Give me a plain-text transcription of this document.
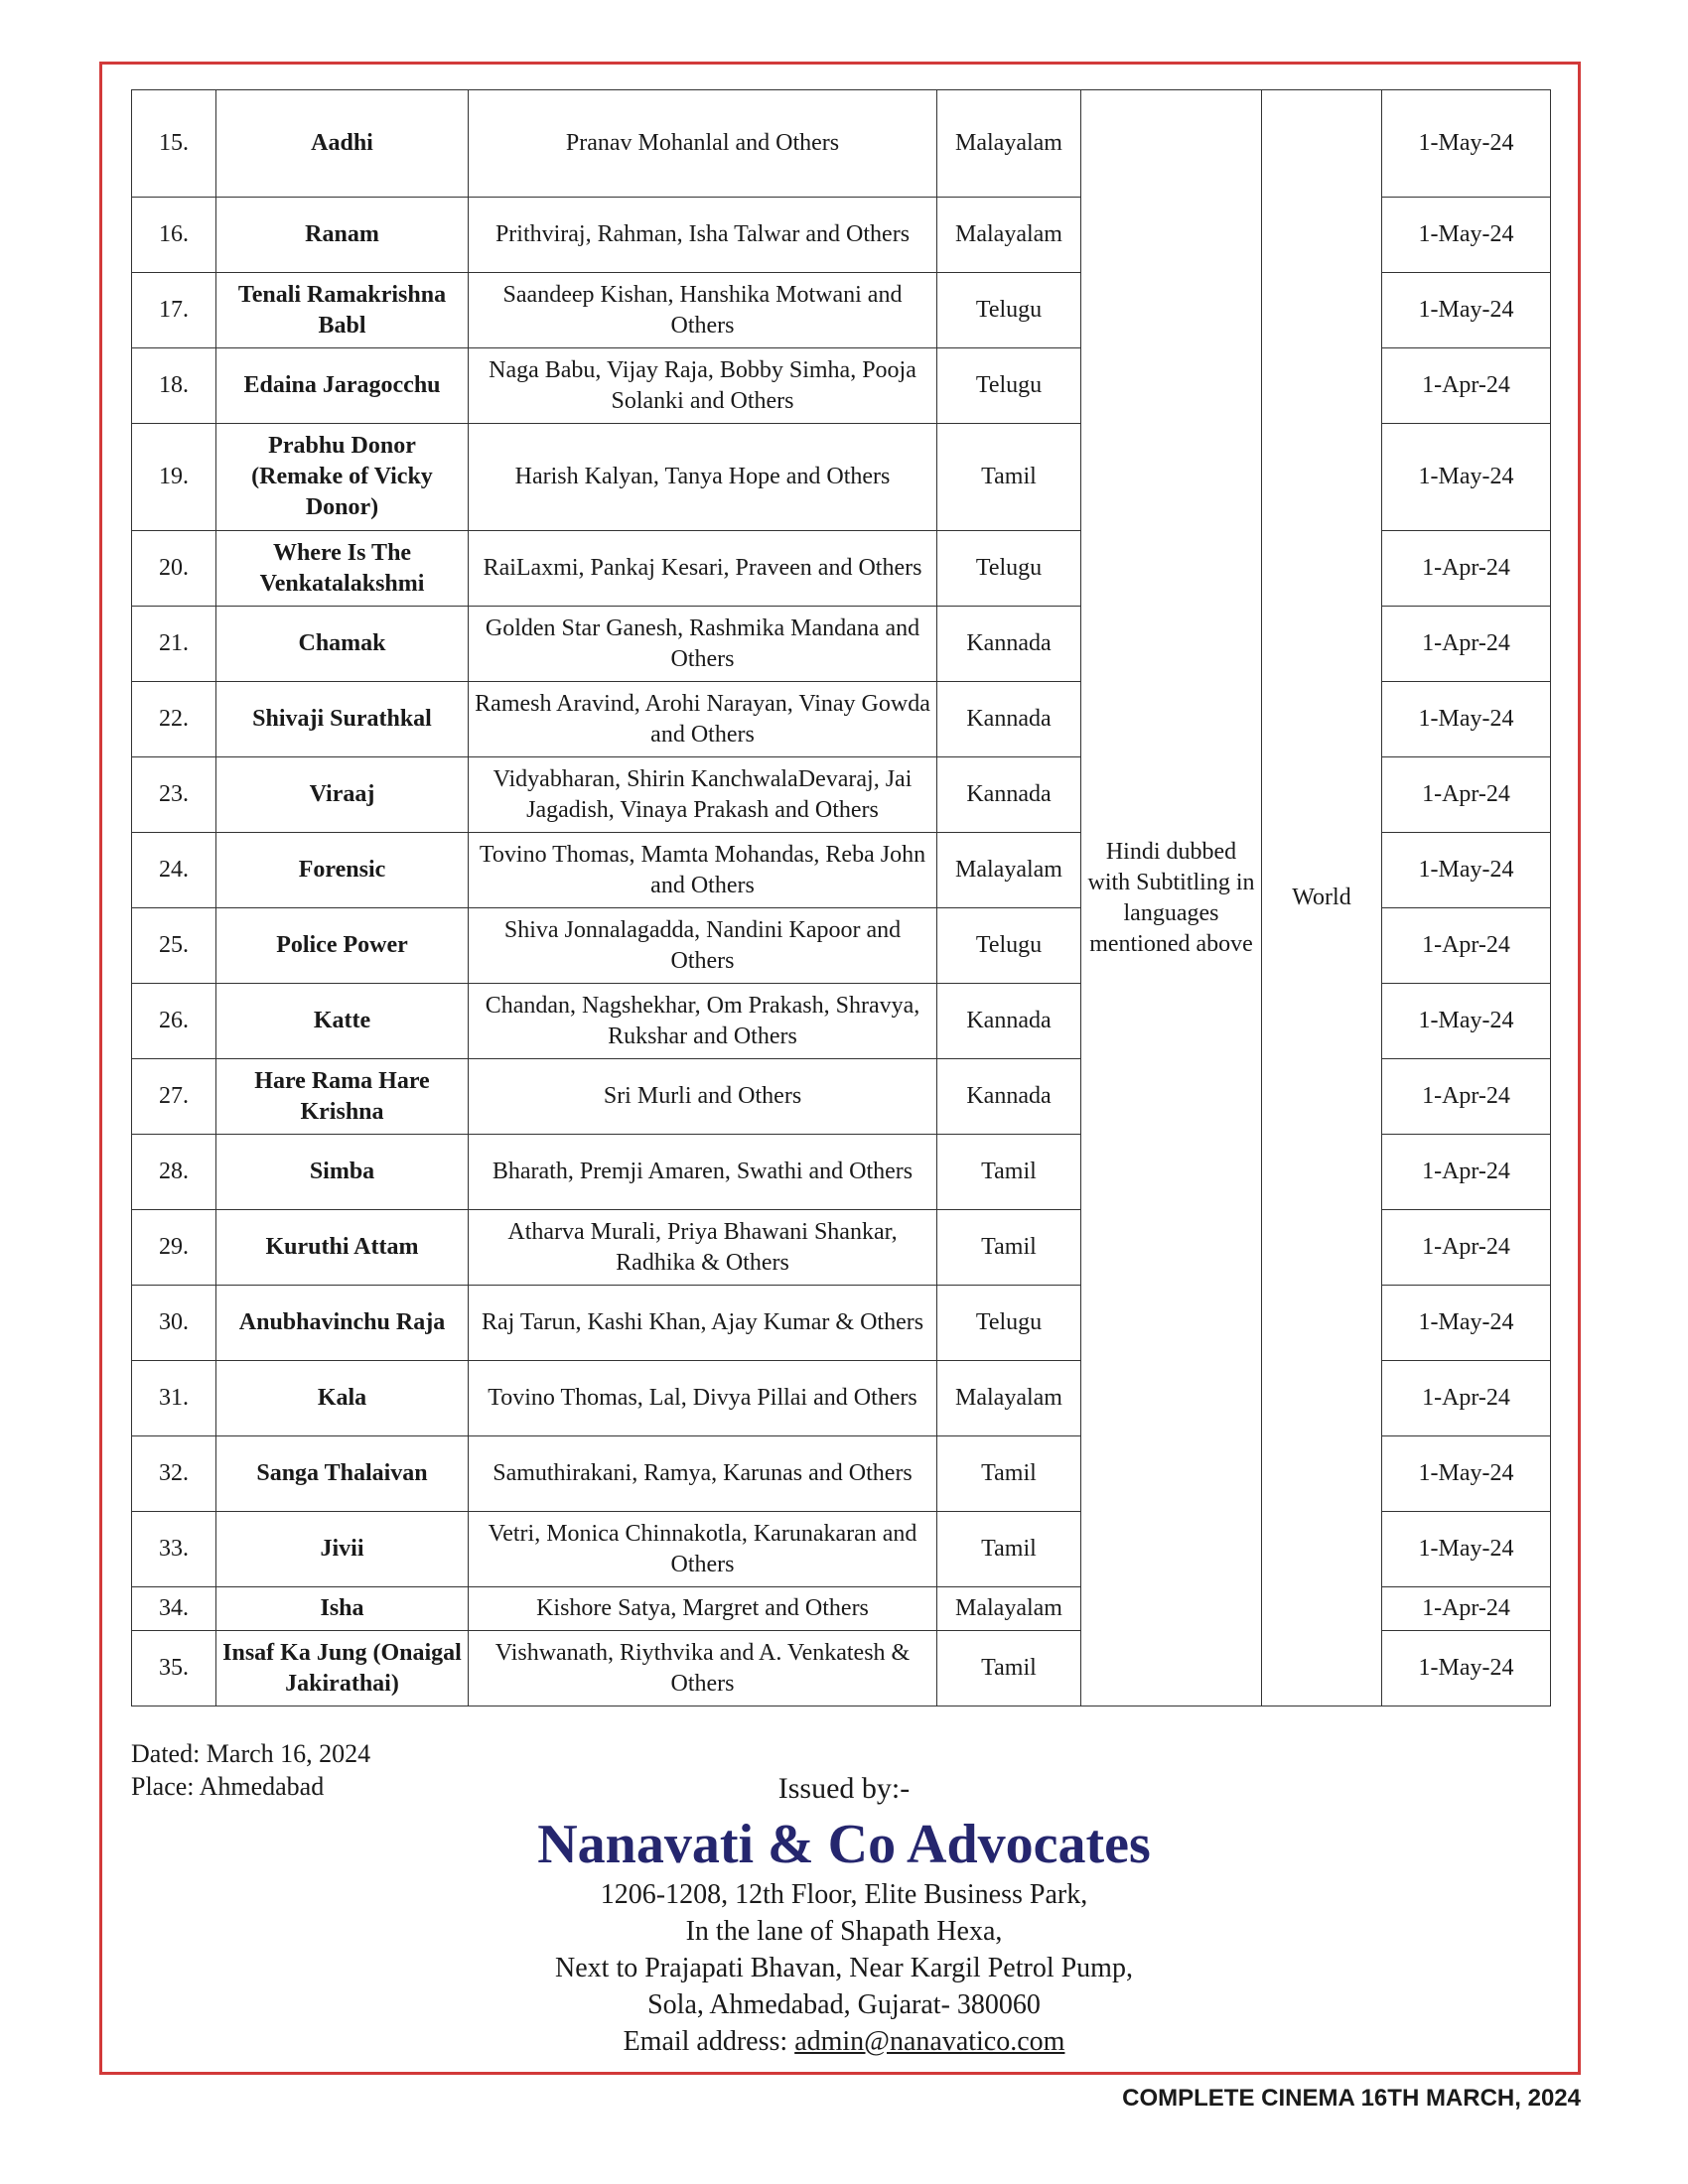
15.	Aadhi	Pranav Mohanlal and Others	Malayalam	Hindi dubbed with Subtitling in languages mentioned above	World	1-May-24
16.	Ranam	Prithviraj, Rahman, Isha Talwar and Others	Malayalam			1-May-24
17.	Tenali Ramakrishna Babl	Saandeep Kishan, Hanshika Motwani and Others	Telugu			1-May-24
18.	Edaina Jaragocchu	Naga Babu, Vijay Raja, Bobby Simha, Pooja Solanki and Others	Telugu			1-Apr-24
19.	Prabhu Donor (Remake of Vicky Donor)	Harish Kalyan, Tanya Hope and Others	Tamil			1-May-24
20.	Where Is The Venkatalakshmi	RaiLaxmi, Pankaj Kesari, Praveen and Others	Telugu			1-Apr-24
21.	Chamak	Golden Star Ganesh, Rashmika Mandana and Others	Kannada			1-Apr-24
22.	Shivaji Surathkal	Ramesh Aravind, Arohi Narayan, Vinay Gowda and Others	Kannada			1-May-24
23.	Viraaj	Vidyabharan, Shirin KanchwalaDevaraj, Jai Jagadish, Vinaya Prakash and Others	Kannada			1-Apr-24
24.	Forensic	Tovino Thomas, Mamta Mohandas, Reba John and Others	Malayalam			1-May-24
25.	Police Power	Shiva Jonnalagadda, Nandini Kapoor and Others	Telugu			1-Apr-24
26.	Katte	Chandan, Nagshekhar, Om Prakash, Shravya, Rukshar and Others	Kannada			1-May-24
27.	Hare Rama Hare Krishna	Sri Murli and Others	Kannada			1-Apr-24
28.	Simba	Bharath, Premji Amaren, Swathi and Others	Tamil			1-Apr-24
29.	Kuruthi Attam	Atharva Murali, Priya Bhawani Shankar, Radhika & Others	Tamil			1-Apr-24
30.	Anubhavinchu Raja	Raj Tarun, Kashi Khan, Ajay Kumar & Others	Telugu			1-May-24
31.	Kala	Tovino Thomas, Lal, Divya Pillai and Others	Malayalam			1-Apr-24
32.	Sanga Thalaivan	Samuthirakani, Ramya, Karunas and Others	Tamil			1-May-24
33.	Jivii	Vetri, Monica Chinnakotla, Karunakaran and Others	Tamil			1-May-24
34.	Isha	Kishore Satya, Margret and Others	Malayalam			1-Apr-24
35.	Insaf Ka Jung (Onaigal Jakirathai)	Vishwanath, Riythvika and A. Venkatesh & Others	Tamil			1-May-24
Dated: March 16, 2024
Place: Ahmedabad	Issued by:-
Nanavati & Co Advocates
1206-1208, 12th Floor, Elite Business Park,
In the lane of Shapath Hexa,
Next to Prajapati Bhavan, Near Kargil Petrol Pump,
Sola, Ahmedabad, Gujarat- 380060
Email address: admin@nanavatico.com
COMPLETE CINEMA 16TH MARCH, 2024
